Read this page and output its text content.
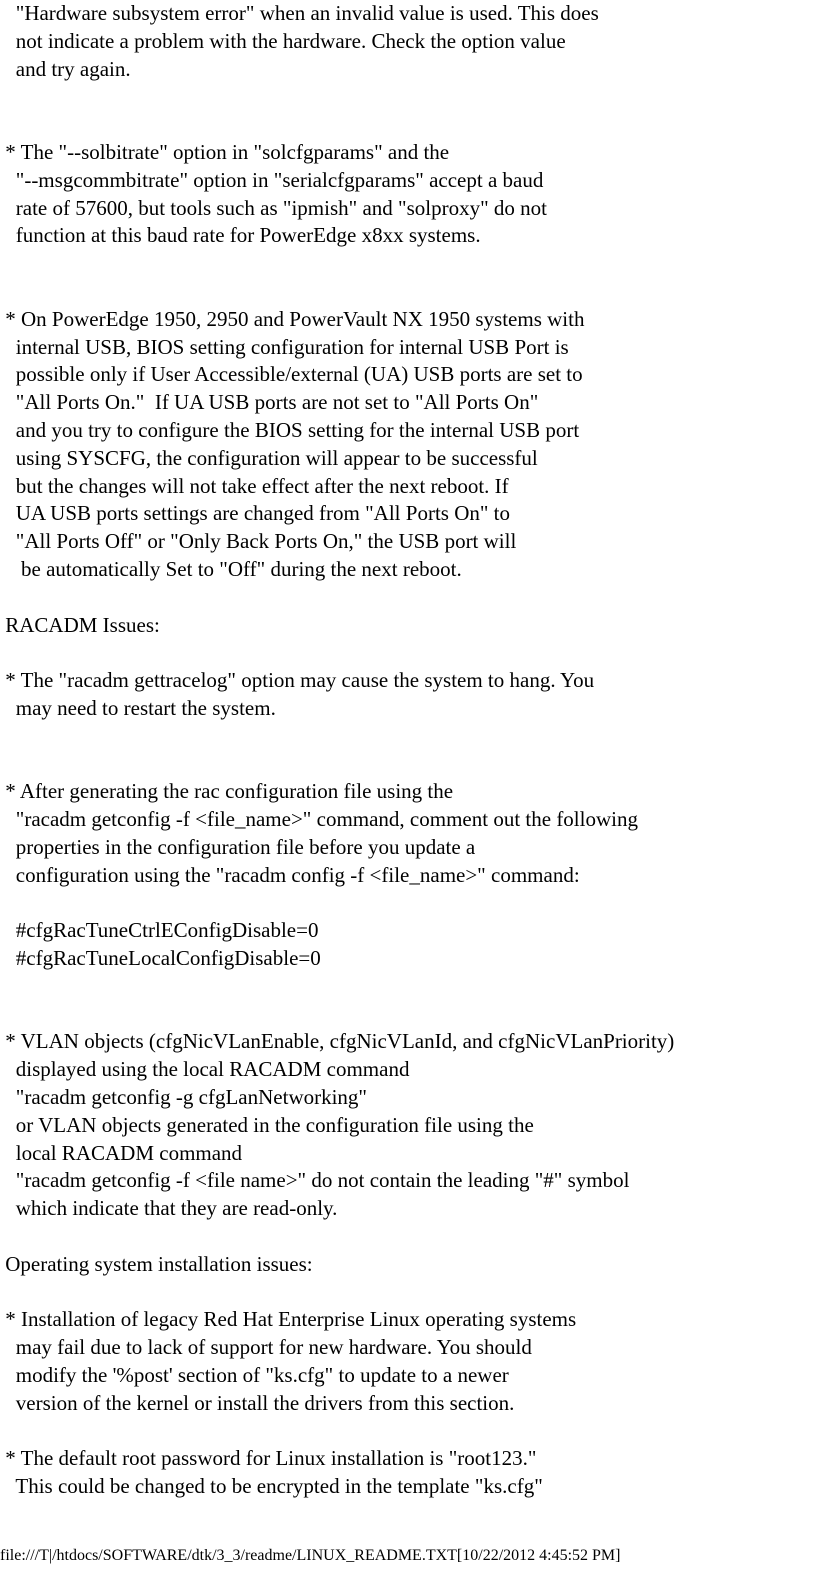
"Hardware subsystem error" when an invalid value is used. This does
not indicate a problem with the hardware. Check the option value
and try again.

* The "--solbitrate" option in "solcfgparams" and the
"--msgcommbitrate" option in "serialcfgparams" accept a baud
rate of 57600, but tools such as "ipmish" and "solproxy" do not
function at this baud rate for PowerEdge x8xx systems.

* On PowerEdge 1950, 2950 and PowerVault NX 1950 systems with
internal USB, BIOS setting configuration for internal USB Port is
possible only if User Accessible/external (UA) USB ports are set to
"All Ports On."  If UA USB ports are not set to "All Ports On"
and you try to configure the BIOS setting for the internal USB port
using SYSCFG, the configuration will appear to be successful
but the changes will not take effect after the next reboot. If
UA USB ports settings are changed from "All Ports On" to
"All Ports Off" or "Only Back Ports On," the USB port will
be automatically Set to "Off" during the next reboot.

RACADM Issues:

* The "racadm gettracelog" option may cause the system to hang. You
may need to restart the system.

* After generating the rac configuration file using the
"racadm getconfig -f <file_name>" command, comment out the following
properties in the configuration file before you update a
configuration using the "racadm config -f <file_name>" command:

#cfgRacTuneCtrlEConfigDisable=0
#cfgRacTuneLocalConfigDisable=0

* VLAN objects (cfgNicVLanEnable, cfgNicVLanId, and cfgNicVLanPriority)
displayed using the local RACADM command
"racadm getconfig -g cfgLanNetworking"
or VLAN objects generated in the configuration file using the
local RACADM command
"racadm getconfig -f <file name>" do not contain the leading "#" symbol
which indicate that they are read-only.

Operating system installation issues:

* Installation of legacy Red Hat Enterprise Linux operating systems
may fail due to lack of support for new hardware. You should
modify the '%post' section of "ks.cfg" to update to a newer
version of the kernel or install the drivers from this section.

* The default root password for Linux installation is "root123."
This could be changed to be encrypted in the template "ks.cfg"
file:///T|/htdocs/SOFTWARE/dtk/3_3/readme/LINUX_README.TXT[10/22/2012 4:45:52 PM]
